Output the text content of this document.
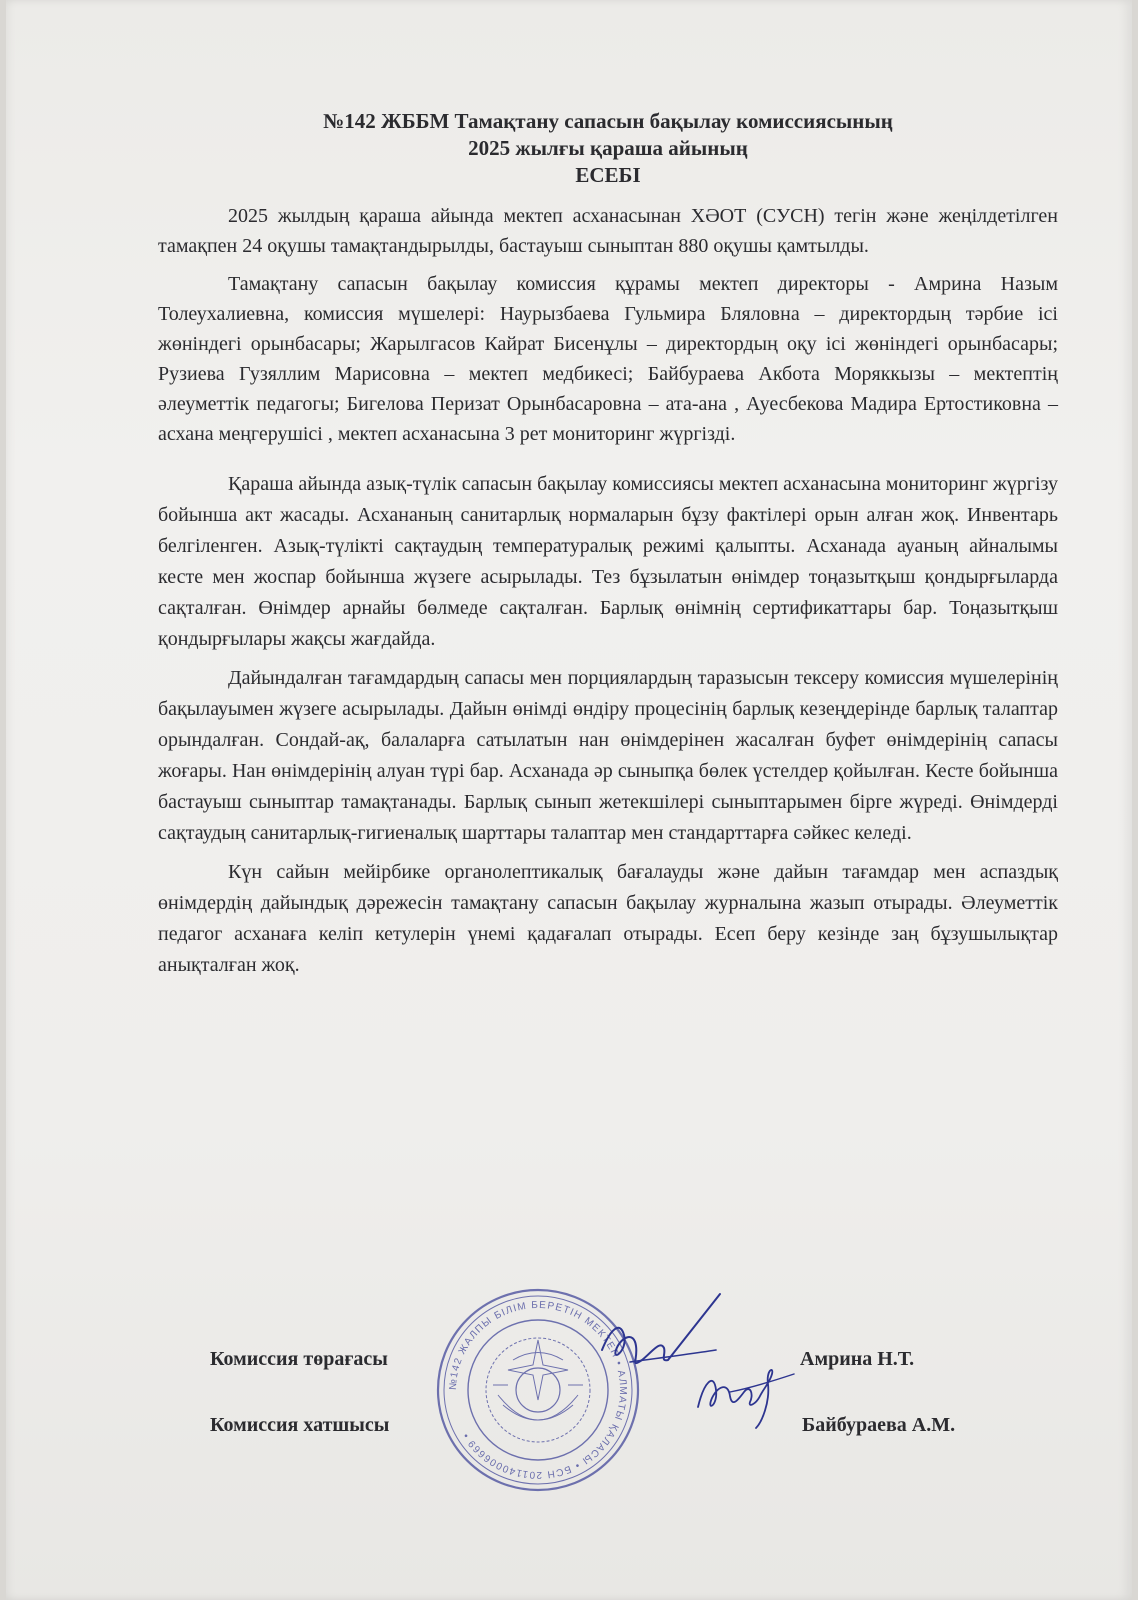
№142 ЖББМ Тамақтану сапасын бақылау комиссиясының
2025 жылғы қараша айының
ЕСЕБІ

2025 жылдың қараша айында мектеп асханасынан ХӘОТ (СУСН) тегін және жеңілдетілген тамақпен 24 оқушы тамақтандырылды, бастауыш сыныптан 880 оқушы қамтылды.

Тамақтану сапасын бақылау комиссия құрамы мектеп директоры - Амрина Назым Толеухалиевна, комиссия мүшелері: Наурызбаева Гульмира Бляловна – директордың тәрбие ісі жөніндегі орынбасары; Жарылгасов Кайрат Бисенұлы – директордың оқу ісі жөніндегі орынбасары; Рузиева Гузяллим Марисовна – мектеп медбикесі; Байбураева Акбота Моряккызы – мектептің әлеуметтік педагогы; Бигелова Перизат Орынбасаровна – ата-ана , Ауесбекова Мадира Ертостиковна – асхана меңгерушісі , мектеп асханасына 3 рет мониторинг жүргізді.

Қараша айында азық-түлік сапасын бақылау комиссиясы мектеп асханасына мониторинг жүргізу бойынша акт жасады. Асхананың санитарлық нормаларын бұзу фактілері орын алған жоқ. Инвентарь белгіленген. Азық-түлікті сақтаудың температуралық режимі қалыпты. Асханада ауаның айналымы кесте мен жоспар бойынша жүзеге асырылады. Тез бұзылатын өнімдер тоңазытқыш қондырғыларда сақталған. Өнімдер арнайы бөлмеде сақталған. Барлық өнімнің сертификаттары бар. Тоңазытқыш қондырғылары жақсы жағдайда.

Дайындалған тағамдардың сапасы мен порциялардың таразысын тексеру комиссия мүшелерінің бақылауымен жүзеге асырылады. Дайын өнімді өндіру процесінің барлық кезеңдерінде барлық талаптар орындалған. Сондай-ақ, балаларға сатылатын нан өнімдерінен жасалған буфет өнімдерінің сапасы жоғары. Нан өнімдерінің алуан түрі бар. Асханада әр сыныпқа бөлек үстелдер қойылған. Кесте бойынша бастауыш сыныптар тамақтанады. Барлық сынып жетекшілері сыныптарымен бірге жүреді. Өнімдерді сақтаудың санитарлық-гигиеналық шарттары талаптар мен стандарттарға сәйкес келеді.

Күн сайын мейірбике органолептикалық бағалауды және дайын тағамдар мен аспаздық өнімдердің дайындық дәрежесін тамақтану сапасын бақылау журналына жазып отырады. Әлеуметтік педагог асханаға келіп кетулерін үнемі қадағалап отырады. Есеп беру кезінде заң бұзушылықтар анықталған жоқ.

№142 ЖАЛПЫ БІЛІМ БЕРЕТІН МЕКТЕП • АЛМАТЫ ҚАЛАСЫ • БСН 201140006669 •
Комиссия төрағасы	Амрина Н.Т.
Комиссия хатшысы	Байбураева А.М.
